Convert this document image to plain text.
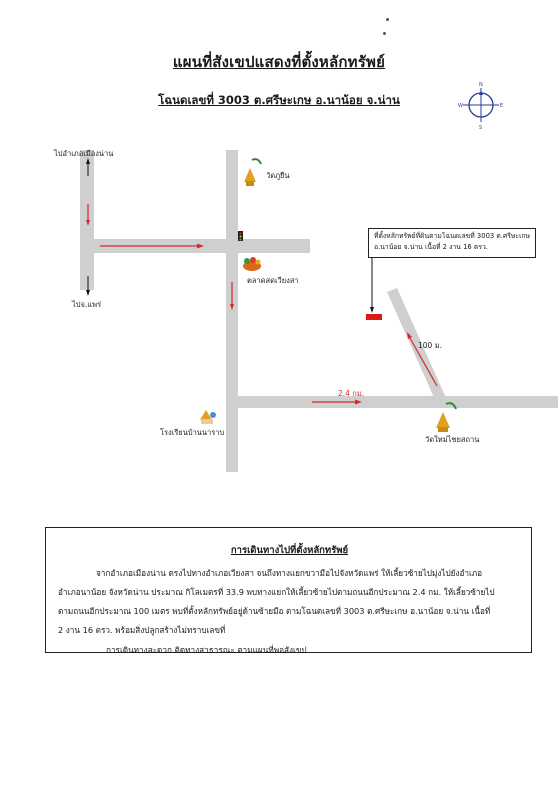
แผนที่สังเขปแสดงที่ตั้งหลักทรัพย์
โฉนดเลขที่ 3003 ต.ศรีษะเกษ อ.นาน้อย จ.น่าน
N
S
E
W
ไปอำเภอเมืองน่าน
ไปจ.แพร่
วัดภูยืน
ตลาดสดเวียงสา
โรงเรียนบ้านนาราบ
วัดใหม่ไชยสถาน
2.4 กม.
100 ม.
ที่ตั้งหลักทรัพย์ที่ดินตามโฉนดเลขที่ 3003 ต.ศรีษะเกษ
อ.นาน้อย จ.น่าน เนื้อที่ 2 งาน 16 ตรว.
การเดินทางไปที่ตั้งหลักทรัพย์
จากอำเภอเมืองน่าน ตรงไปทางอำเภอเวียงสา จนถึงทางแยกขวามือไปจังหวัดแพร่ ให้เลี้ยวซ้ายไปมุ่งไปยังอำเภอ
อำเภอนาน้อย จังหวัดน่าน ประมาณ กิโลเมตรที่ 33.9 พบทางแยกให้เลี้ยวซ้ายไปตามถนนอีกประมาณ 2.4 กม. ให้เลี้ยวซ้ายไป
ตามถนนอีกประมาณ 100 เมตร พบที่ตั้งหลักทรัพย์อยู่ด้านซ้ายมือ ตามโฉนดเลขที่ 3003 ต.ศรีษะเกษ อ.นาน้อย จ.น่าน เนื้อที่
2 งาน 16 ตรว. พร้อมสิ่งปลูกสร้างไม่ทราบเลขที่
การเดินทางสะดวก ติดทางสาธารณะ ตามแผนที่พอสังเขป
